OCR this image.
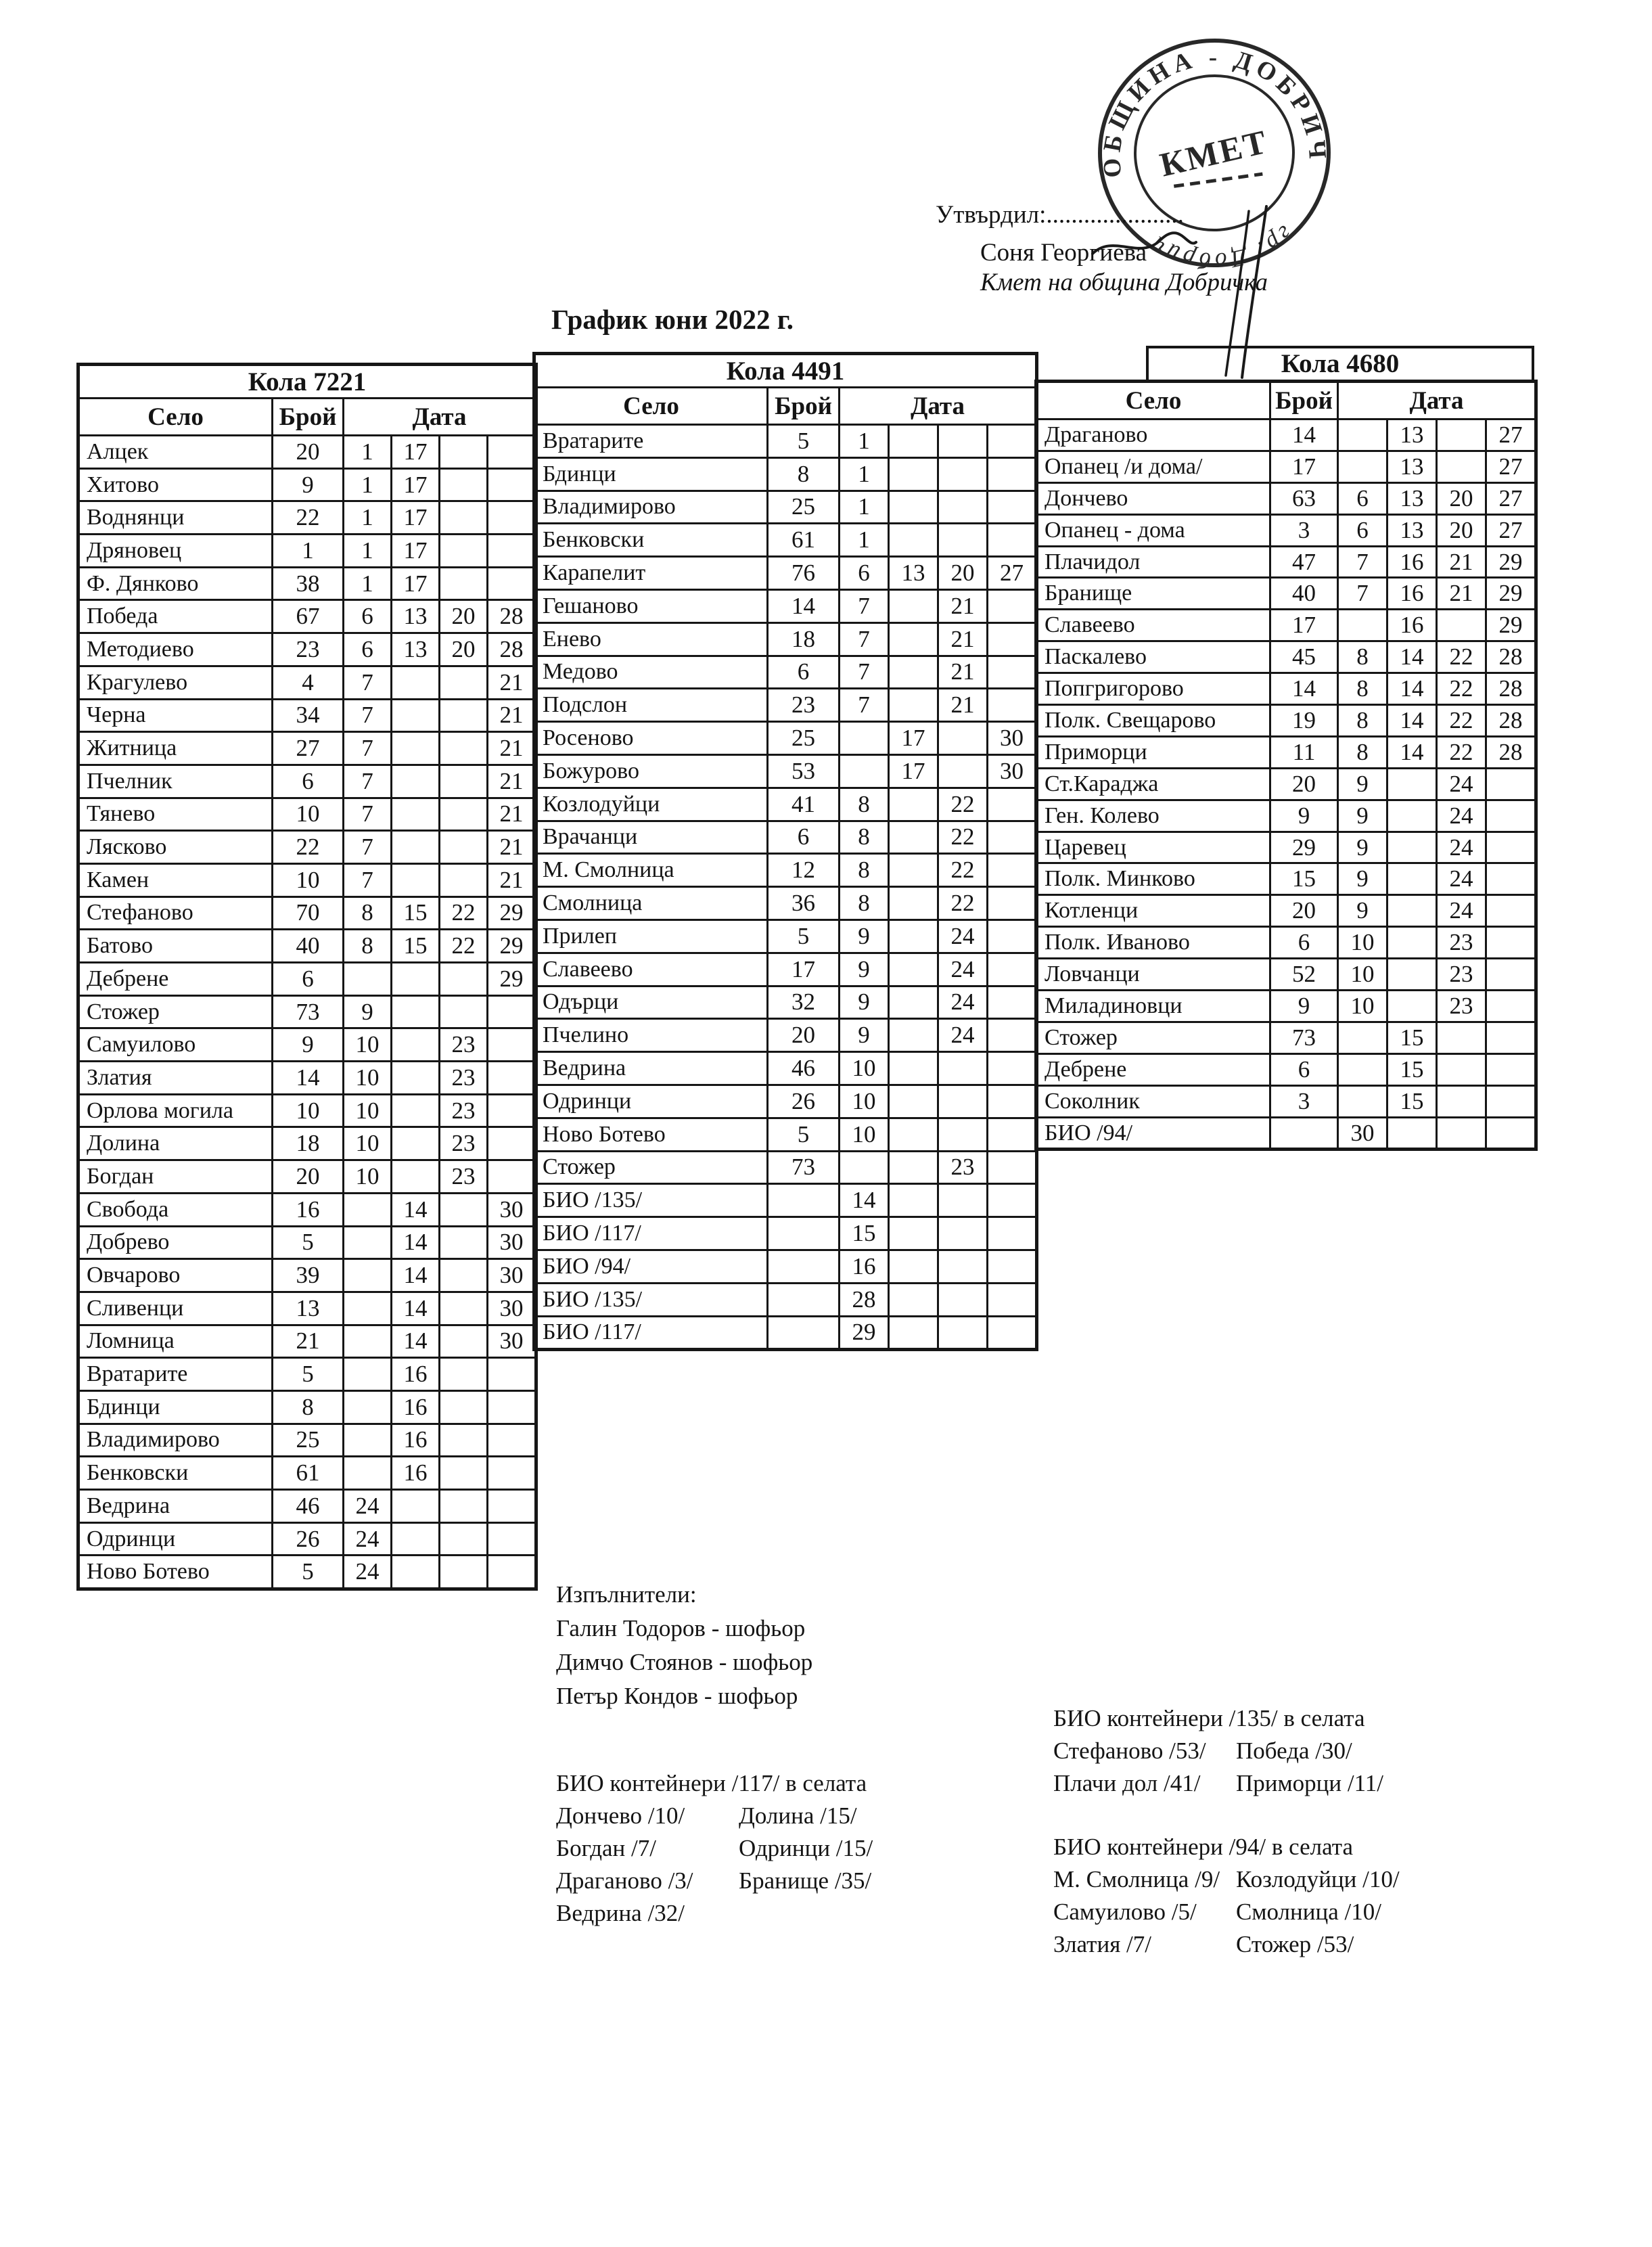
ОБЩИНА - ДОБРИЧ
гр. Добрич
КМЕТ
Утвърдил:......................
Соня Георгиева
Кмет на община Добричка
График юни 2022 г.
Кола 7221					
Село	Брой	Дата			
Алцек	20	1	17		
Хитово	9	1	17		
Воднянци	22	1	17		
Дряновец	1	1	17		
Ф. Дянково	38	1	17		
Победа	67	6	13	20	28
Методиево	23	6	13	20	28
Крагулево	4	7			21
Черна	34	7			21
Житница	27	7			21
Пчелник	6	7			21
Тянево	10	7			21
Лясково	22	7			21
Камен	10	7			21
Стефаново	70	8	15	22	29
Батово	40	8	15	22	29
Дебрене	6				29
Стожер	73	9			
Самуилово	9	10		23	
Златия	14	10		23	
Орлова могила	10	10		23	
Долина	18	10		23	
Богдан	20	10		23	
Свобода	16		14		30
Добрево	5		14		30
Овчарово	39		14		30
Сливенци	13		14		30
Ломница	21		14		30
Вратарите	5		16		
Бдинци	8		16		
Владимирово	25		16		
Бенковски	61		16		
Ведрина	46	24			
Одринци	26	24			
Ново Ботево	5	24			
Кола 4491					
Село	Брой	Дата			
Вратарите	5	1			
Бдинци	8	1			
Владимирово	25	1			
Бенковски	61	1			
Карапелит	76	6	13	20	27
Гешаново	14	7		21	
Енево	18	7		21	
Медово	6	7		21	
Подслон	23	7		21	
Росеново	25		17		30
Божурово	53		17		30
Козлодуйци	41	8		22	
Врачанци	6	8		22	
М. Смолница	12	8		22	
Смолница	36	8		22	
Прилеп	5	9		24	
Славеево	17	9		24	
Одърци	32	9		24	
Пчелино	20	9		24	
Ведрина	46	10			
Одринци	26	10			
Ново Ботево	5	10			
Стожер	73			23	
БИО /135/		14			
БИО /117/		15			
БИО /94/		16			
БИО /135/		28			
БИО /117/		29			
Кола 4680
Село	Брой	Дата			
Драганово	14		13		27
Опанец /и дома/	17		13		27
Дончево	63	6	13	20	27
Опанец - дома	3	6	13	20	27
Плачидол	47	7	16	21	29
Бранище	40	7	16	21	29
Славеево	17		16		29
Паскалево	45	8	14	22	28
Попгригорово	14	8	14	22	28
Полк. Свещарово	19	8	14	22	28
Приморци	11	8	14	22	28
Ст.Караджа	20	9		24	
Ген. Колево	9	9		24	
Царевец	29	9		24	
Полк. Минково	15	9		24	
Котленци	20	9		24	
Полк. Иваново	6	10		23	
Ловчанци	52	10		23	
Миладиновци	9	10		23	
Стожер	73		15		
Дебрене	6		15		
Соколник	3		15		
БИО /94/		30			
Изпълнители:
Галин Тодоров - шофьор
Димчо Стоянов - шофьор
Петър Кондов - шофьор
БИО контейнери /117/ в селата
Дончево /10/
Богдан /7/
Драганово /3/
Ведрина /32/
Долина /15/
Одринци /15/
Бранище /35/
БИО контейнери /135/ в селата
Стефаново /53/
Плачи дол /41/
Победа /30/
Приморци /11/
БИО контейнери /94/ в селата
М. Смолница /9/
Самуилово /5/
Златия /7/
Козлодуйци /10/
Смолница /10/
Стожер /53/
